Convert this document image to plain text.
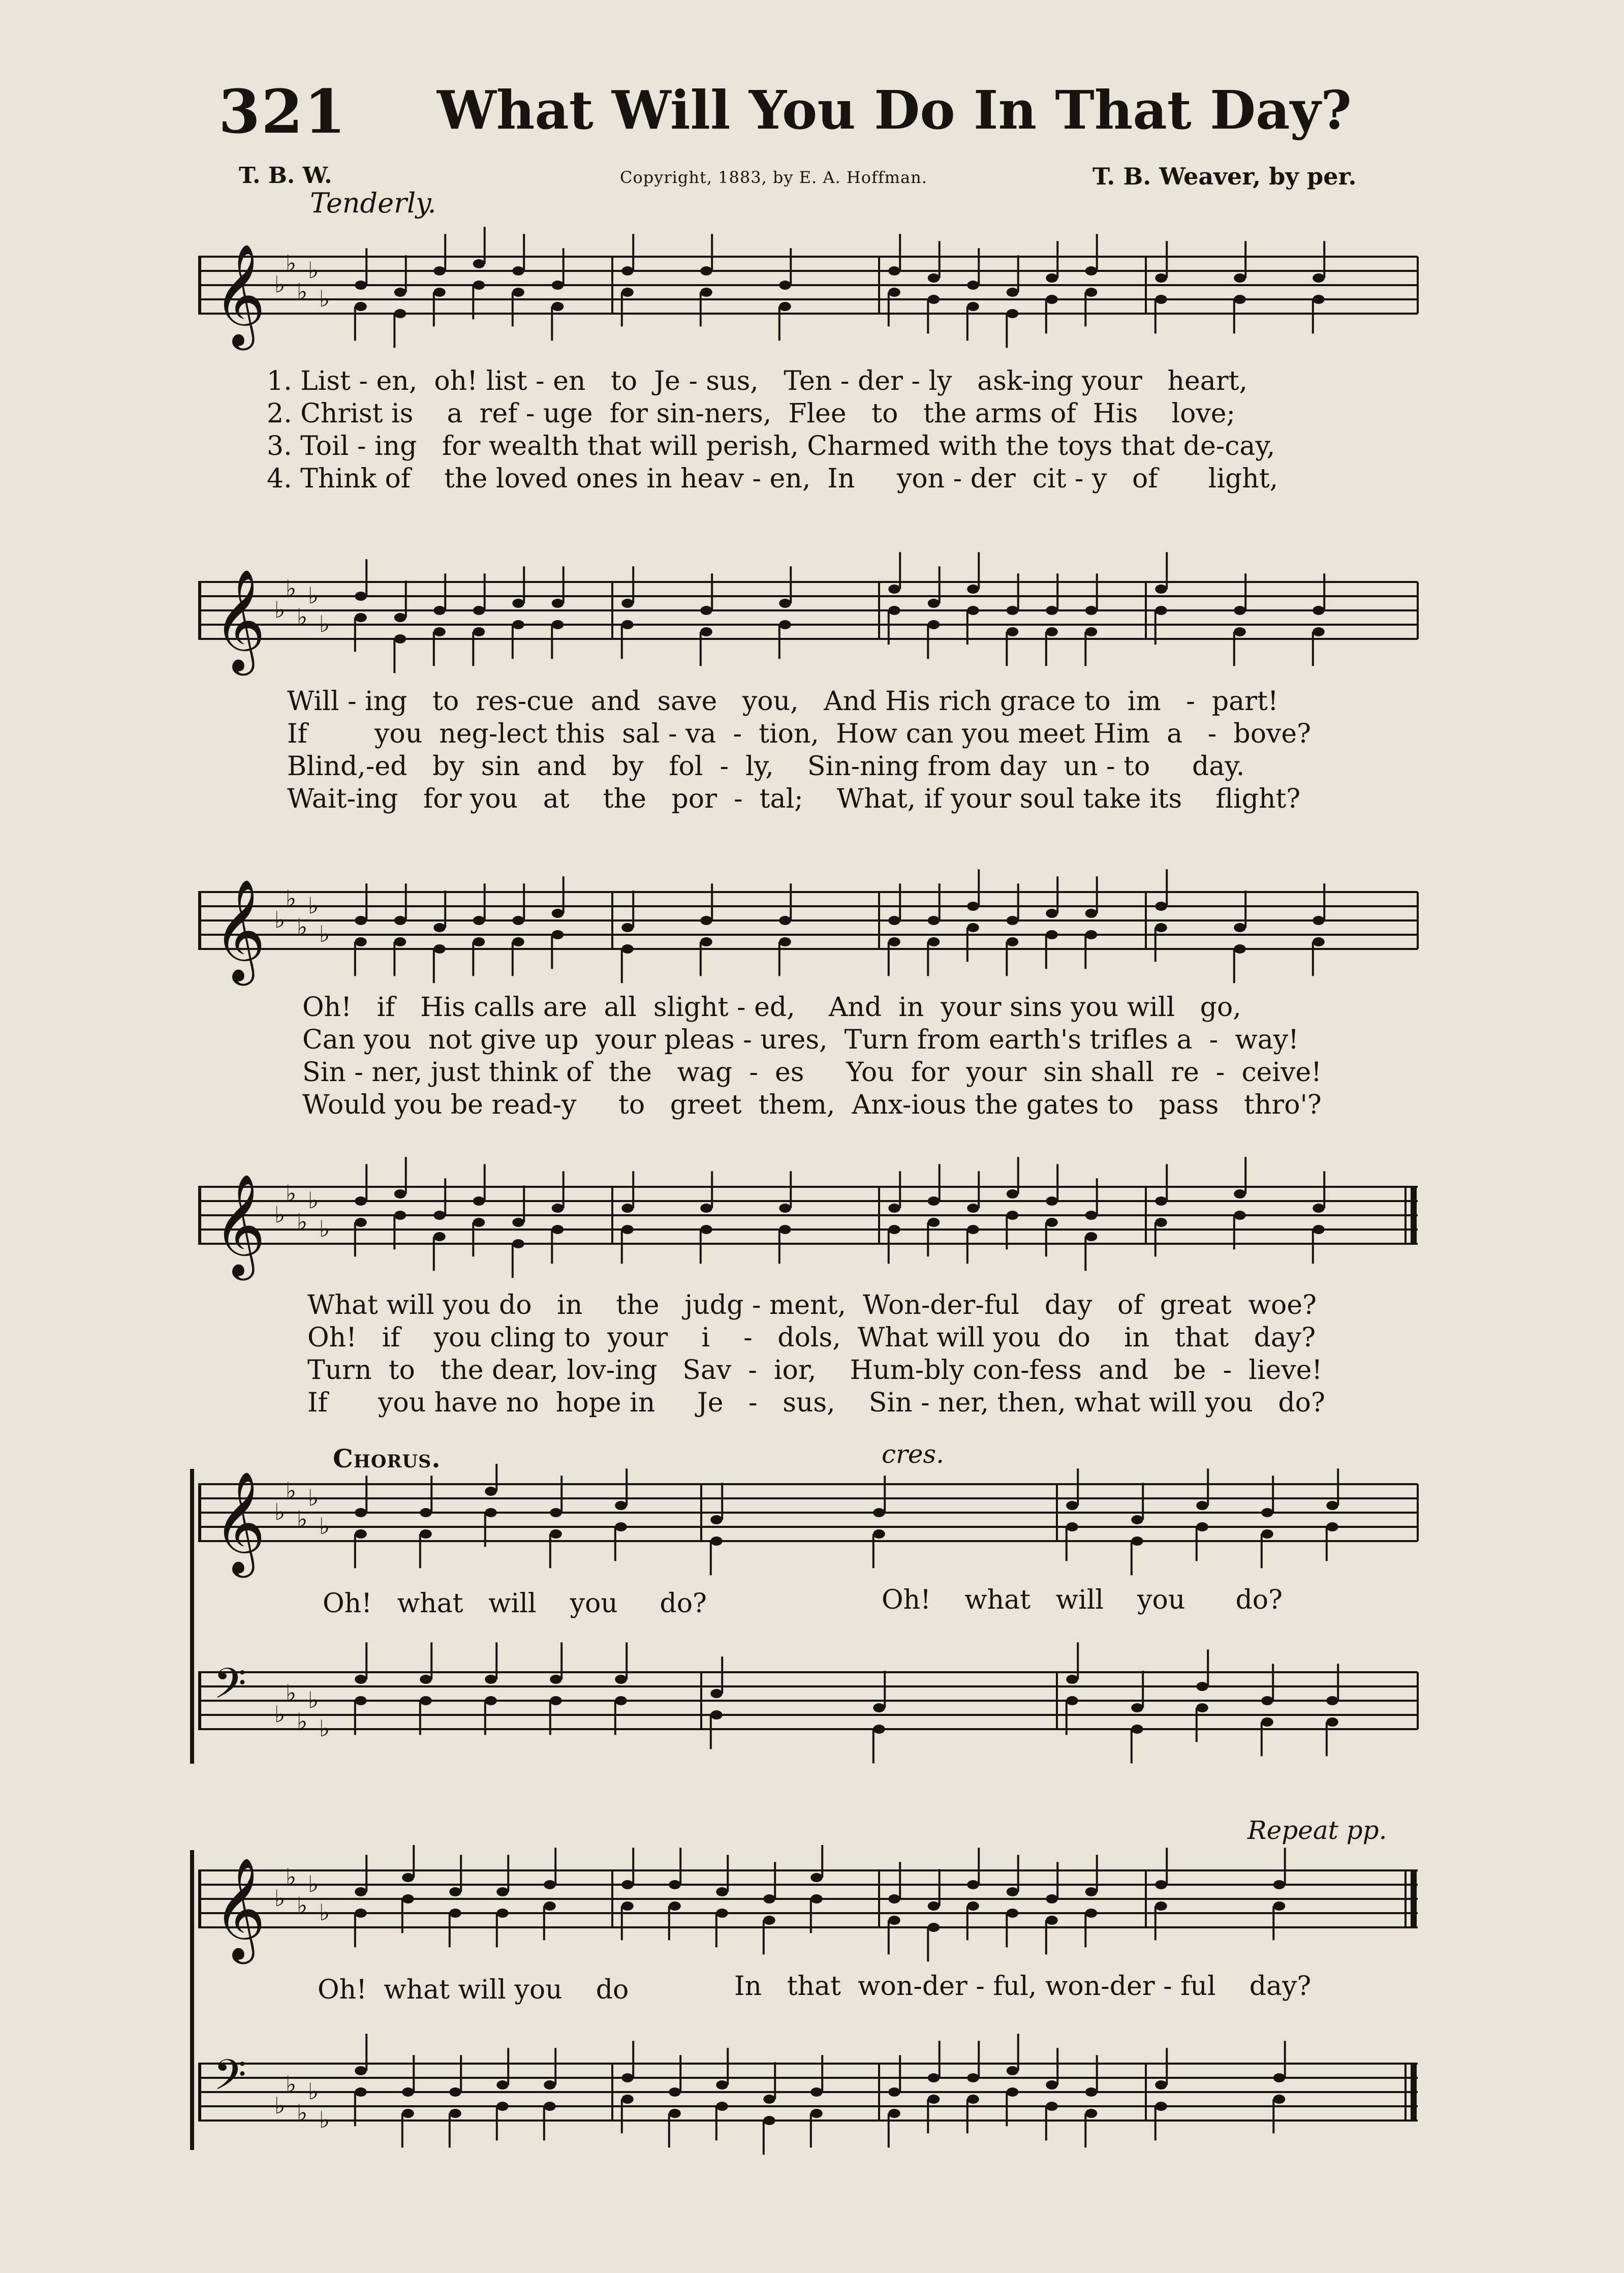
321 What Will You Do In That Day?
T. B. W.	Copyright, 1883, by E. A. Hoffman.	T. B. Weaver, by per.
Tenderly.
𝄞 ♭
♭
♭
♭
♭
1. List - en,  oh! list - en   to  Je - sus,   Ten - der - ly   ask-ing your   heart,
2. Christ is    a  ref - uge  for sin-ners,  Flee   to   the arms of  His    love;
3. Toil - ing   for wealth that will perish, Charmed with the toys that de-cay,
4. Think of    the loved ones in heav - en,  In     yon - der  cit - y   of      light,
𝄞 ♭
♭
♭
♭
♭
Will - ing   to  res-cue  and  save   you,   And His rich grace to  im   -  part!
If        you  neg-lect this  sal - va  -  tion,  How can you meet Him  a   -  bove?
Blind,-ed   by  sin  and   by   fol  -  ly,    Sin-ning from day  un - to     day.
Wait-ing   for you   at    the   por  -  tal;    What, if your soul take its    flight?
𝄞 ♭
♭
♭
♭
♭
Oh!   if   His calls are  all  slight - ed,    And  in  your sins you will   go,
Can you  not give up  your pleas - ures,  Turn from earth's trifles a  -  way!
Sin - ner, just think of  the   wag  -  es     You  for  your  sin shall  re  -  ceive!
Would you be read-y     to   greet  them,  Anx-ious the gates to   pass   thro'?
𝄞 ♭
♭
♭
♭
♭
What will you do   in    the   judg - ment,  Won-der-ful   day   of  great  woe?
Oh!   if    you cling to  your    i    -   dols,  What will you  do    in   that   day?
Turn  to   the dear, lov-ing   Sav  -  ior,    Hum-bly con-fess  and   be  -  lieve!
If      you have no  hope in     Je   -   sus,    Sin - ner, then, what will you   do?
Chorus.	cres.
𝄞 ♭
♭
♭
♭
♭
Oh!   what   will    you     do?	Oh!    what   will    you      do?
𝄢 ♭
♭
♭
♭
♭
Repeat pp.
𝄞 ♭
♭
♭
♭
♭
Oh!  what will you    do	In   that  won-der - ful, won-der - ful    day?
𝄢 ♭
♭
♭
♭
♭
